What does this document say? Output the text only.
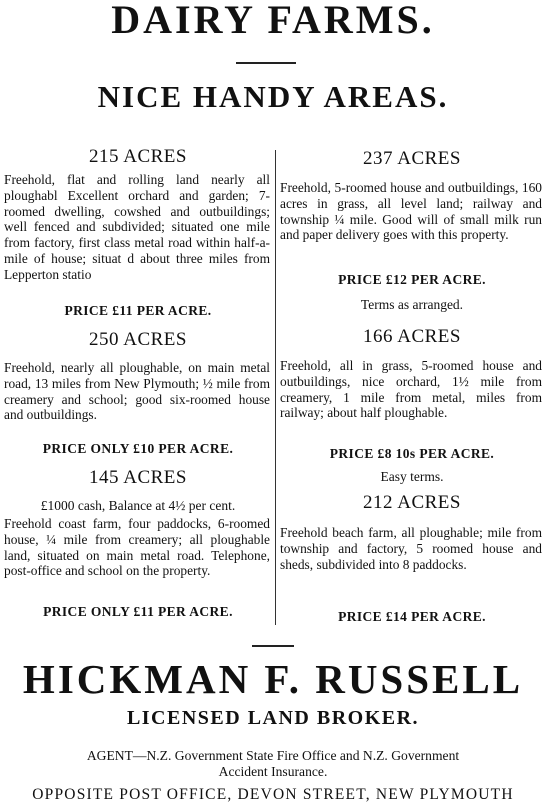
DAIRY FARMS.
NICE HANDY AREAS.
215 ACRES
Freehold, flat and rolling land nearly all ploughabl Excellent orchard and garden; 7-roomed dwelling, cowshed and outbuildings; well fenced and subdivided; situated one mile from factory, first class metal road within half-a-mile of house; situat d about three miles from Lepperton statio
PRICE £11 PER ACRE.
250 ACRES
Freehold, nearly all ploughable, on main metal road, 13 miles from New Plymouth; ½ mile from creamery and school; good six-roomed house and outbuildings.
PRICE ONLY £10 PER ACRE.
145 ACRES
£1000 cash, Balance at 4½ per cent.
Freehold coast farm, four paddocks, 6-roomed house, ¼ mile from creamery; all ploughable land, situated on main metal road. Telephone, post-office and school on the property.
PRICE ONLY £11 PER ACRE.
237 ACRES
Freehold, 5-roomed house and outbuildings, 160 acres in grass, all level land; railway and township ¼ mile. Good will of small milk run and paper delivery goes with this property.
PRICE £12 PER ACRE.
Terms as arranged.
166 ACRES
Freehold, all in grass, 5-roomed house and outbuildings, nice orchard, 1½ mile from creamery, 1 mile from metal, miles from railway; about half ploughable.
PRICE £8 10s PER ACRE.
Easy terms.
212 ACRES
Freehold beach farm, all ploughable; mile from township and factory, 5 roomed house and sheds, subdivided into 8 paddocks.
PRICE £14 PER ACRE.
HICKMAN F. RUSSELL
LICENSED LAND BROKER.
AGENT—N.Z. Government State Fire Office and N.Z. Government
Accident Insurance.
OPPOSITE POST OFFICE, DEVON STREET, NEW PLYMOUTH
